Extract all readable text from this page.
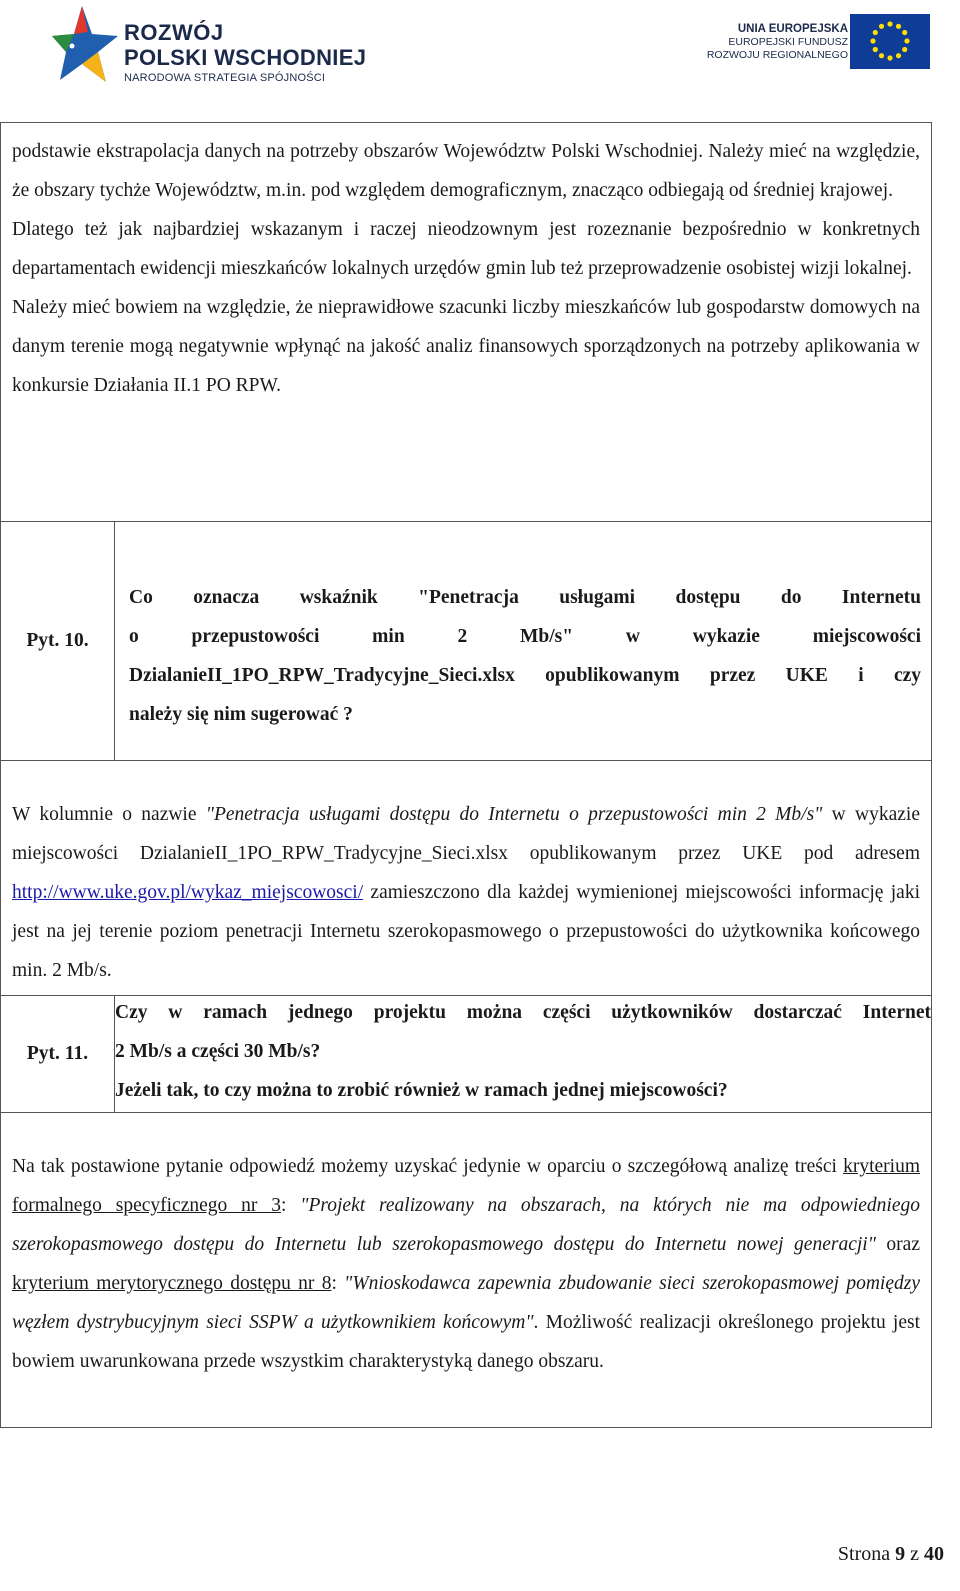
ROZWÓJ
POLSKI WSCHODNIEJ
NARODOWA STRATEGIA SPÓJNOŚCI
UNIA EUROPEJSKA
EUROPEJSKI FUNDUSZ
ROZWOJU REGIONALNEGO

podstawie ekstrapolacja danych na potrzeby obszarów Województw Polski Wschodniej. Należy mieć na względzie, że obszary tychże Województw, m.in. pod względem demograficznym, znacząco odbiegają od średniej krajowej.

Dlatego też jak najbardziej wskazanym i raczej nieodzownym jest rozeznanie bezpośrednio w konkretnych departamentach ewidencji mieszkańców lokalnych urzędów gmin lub też przeprowadzenie osobistej wizji lokalnej.

Należy mieć bowiem na względzie, że nieprawidłowe szacunki liczby mieszkańców lub gospodarstw domowych na danym terenie mogą negatywnie wpłynąć na jakość analiz finansowych sporządzonych na potrzeby aplikowania w konkursie Działania II.1 PO RPW.

Pyt. 10.

Co oznacza wskaźnik "Penetracja usługami dostępu do Internetu

o przepustowości min 2 Mb/s" w wykazie miejscowości

DzialanieII_1PO_RPW_Tradycyjne_Sieci.xlsx opublikowanym przez UKE i czy

należy się nim sugerować ?

W kolumnie o nazwie "Penetracja usługami dostępu do Internetu o przepustowości min 2 Mb/s" w wykazie miejscowości DzialanieII_1PO_RPW_Tradycyjne_Sieci.xlsx opublikowanym przez UKE pod adresem http://www.uke.gov.pl/wykaz_miejscowosci/ zamieszczono dla każdej wymienionej miejscowości informację jaki jest na jej terenie poziom penetracji Internetu szerokopasmowego o przepustowości do użytkownika końcowego min. 2 Mb/s.

Pyt. 11.

Czy w ramach jednego projektu można części użytkowników dostarczać Internet

2 Mb/s a części 30 Mb/s?

Jeżeli tak, to czy można to zrobić również w ramach jednej miejscowości?

Na tak postawione pytanie odpowiedź możemy uzyskać jedynie w oparciu o szczegółową analizę treści kryterium formalnego specyficznego nr 3: "Projekt realizowany na obszarach, na których nie ma odpowiedniego szerokopasmowego dostępu do Internetu lub szerokopasmowego dostępu do Internetu nowej generacji" oraz kryterium merytorycznego dostępu nr 8: "Wnioskodawca zapewnia zbudowanie sieci szerokopasmowej pomiędzy węzłem dystrybucyjnym sieci SSPW a użytkownikiem końcowym". Możliwość realizacji określonego projektu jest bowiem uwarunkowana przede wszystkim charakterystyką danego obszaru.

Strona 9 z 40
